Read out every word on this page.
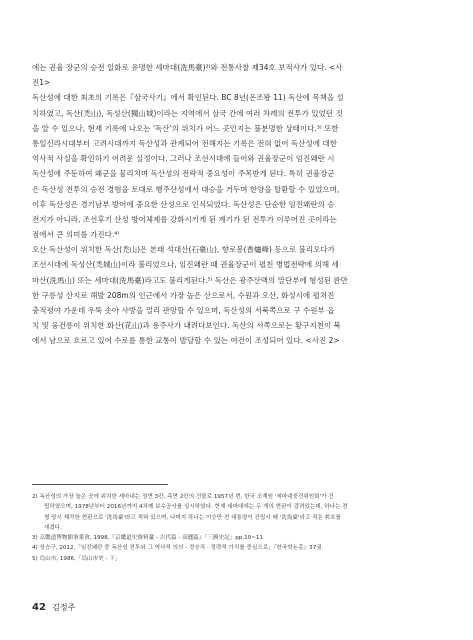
에는 권율 장군의 승전 일화로 유명한 세마대(洗馬臺)²⁾와 전통사찰 제34호 보적사가 있다. <사
진1>
독산성에 대한 최초의 기록은『삼국사기』에서 확인된다. BC 8년(온조왕 11) 독산에 목책을 설
치하였고, 독산(禿山), 독성산(獨山城)이라는 지역에서 삼국 간에 여러 차례의 전투가 있었던 것
을 알 수 있으나, 현재 기록에 나오는 '독산'의 위치가 어느 곳인지는 불분명한 상태이다.³⁾ 또한
통일신라시대부터 고려시대까지 독산성과 관계되어 전해지는 기록은 전혀 없어 독산성에 대한
역사적 사실을 확인하기 어려운 실정이다. 그러나 조선시대에 들어와 권율장군이 임진왜란 시
독산성에 주둔하여 왜군을 물리치며 독산성의 전략적 중요성이 주목받게 된다. 특히 권율장군
은 독산성 전투의 승전 경험을 토대로 행주산성에서 대승을 거두며 한양을 탈환할 수 있었으며,
이후 독산성은 경기남부 방어에 중요한 산성으로 인식되었다. 독산성은 단순한 임진왜란의 승
전지가 아니라, 조선후기 산성 방어체제를 강화시키게 된 계기가 된 전투가 이루어진 곳이라는
점에서 큰 의미를 가진다.⁴⁾
오산 독산성이 위치한 독산(禿山)은 본래 석대산(石臺山), 향로봉(香爐峰) 등으로 불리오다가
조선시대에 독성산(禿城山)이라 불리었으나, 임진왜란 때 권율장군이 펼친 병법전략에 의해 세
마산(洗馬山) 또는 세마대(洗馬臺)라고도 불리게된다.⁵⁾ 독산은 광주산맥의 말단부에 형성된 완만
한 구릉성 산지로 해발 208m의 인근에서 가장 높은 산으로서, 수원과 오산, 화성시에 펼쳐진
충적평야 가운데 우뚝 솟아 사방을 멀리 관망할 수 있으며, 독산성의 서북쪽으로 구 수원부 읍
치 및 융건릉이 위치한 화산(花山)과 용주사가 내려다보인다. 독산의 서쪽으로는 황구지천이 북
에서 남으로 흐르고 있어 수로를 통한 교통이 발달할 수 있는 여건이 조성되어 있다. <사진 2>
2) 독산성의 가장 높은 곳에 위치한 세마대는 정면 3칸, 측면 2칸의 건물로 1957년 번, 한국 조계원 '세마대중건위원회'가 건
립하였으며, 1978년부터 2016년까지 4차례 보수공사를 실시하였다. 현재 세마대에는 두 개의 현판이 걸려있는데, 하나는 전
형 당시 제작한 현판으로 '洗馬臺'라고 적혀 있으며, 나머지 하나는 이승만 전 대통령이 건립시 때 '洗馬臺'라고 적은 휘호를
새겼다.
3) 京畿道博物館事業會, 1998,『京畿道史資料彙 - 古代篇 - 高麗篇』「三國史記」pp.10~11
4) 성승구, 2012,「임진왜란 중 독산성 전투와 그 역사적 의의 - 정승직 · 정략적 가치를 중심으로」『한국학논총』37권.
5) 烏山市, 1986,「烏山市史 - 下」
42 김정주
